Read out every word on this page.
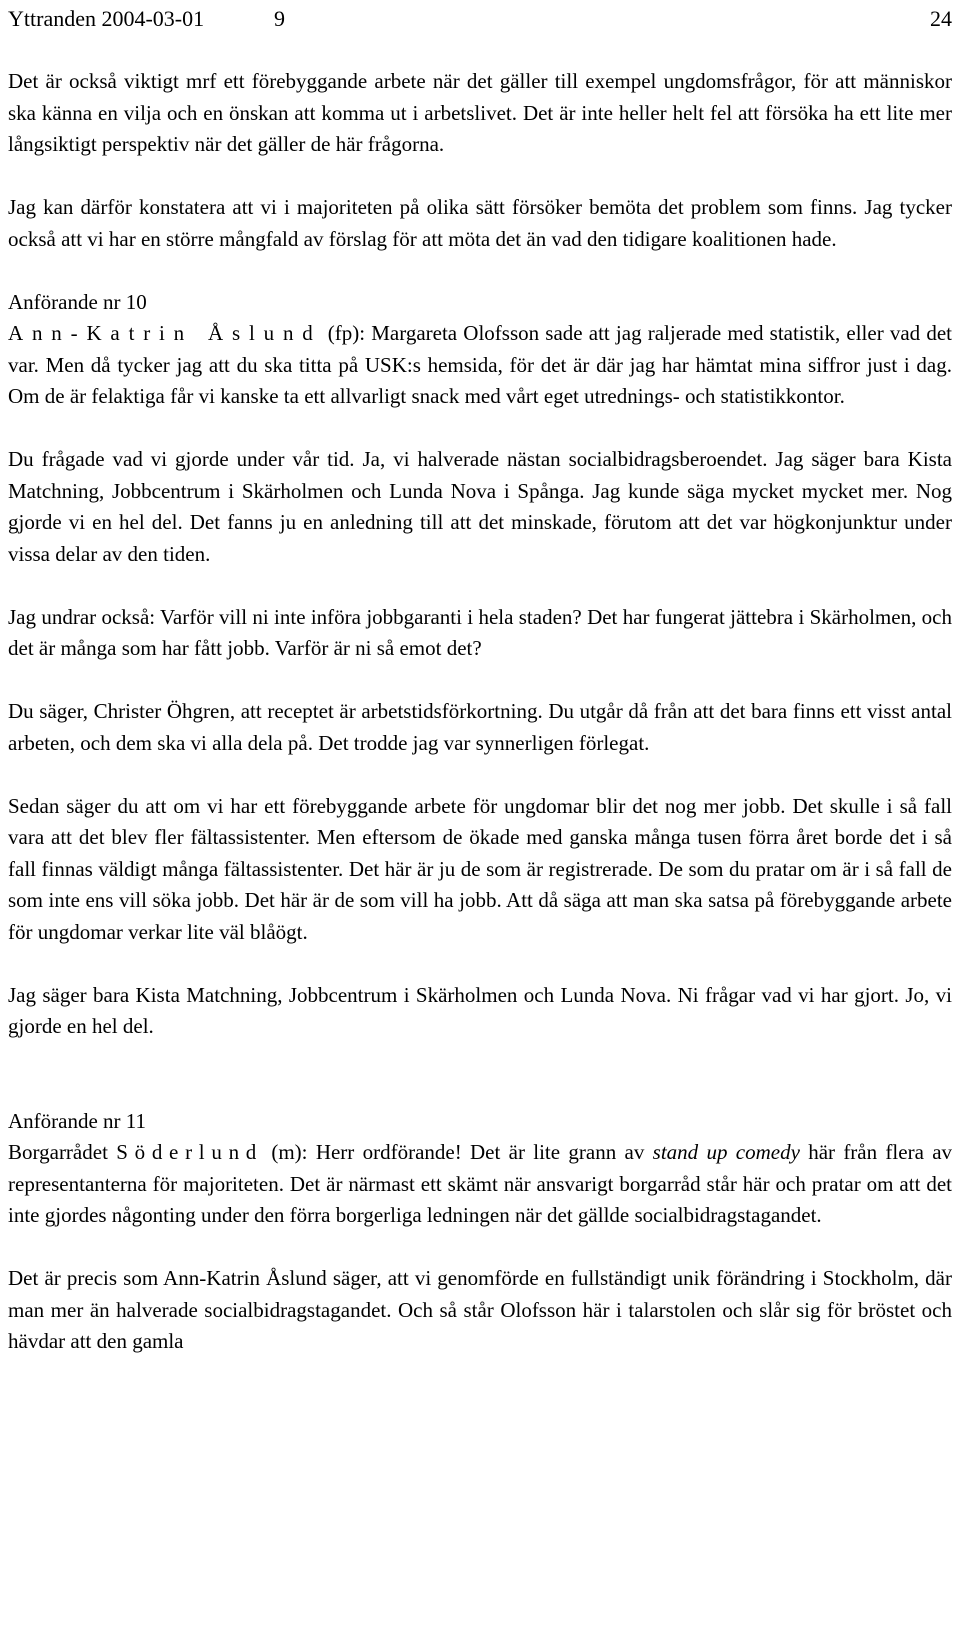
Yttranden 2004-03-01	9	24

Det är också viktigt mrf ett förebyggande arbete när det gäller till exempel ungdomsfrågor, för att människor ska känna en vilja och en önskan att komma ut i arbetslivet. Det är inte heller helt fel att försöka ha ett lite mer långsiktigt perspektiv när det gäller de här frågorna.

Jag kan därför konstatera att vi i majoriteten på olika sätt försöker bemöta det problem som finns. Jag tycker också att vi har en större mångfald av förslag för att möta det än vad den tidigare koalitionen hade.

Anförande nr 10

Ann-Katrin Åslund (fp): Margareta Olofsson sade att jag raljerade med statistik, eller vad det var. Men då tycker jag att du ska titta på USK:s hemsida, för det är där jag har hämtat mina siffror just i dag. Om de är felaktiga får vi kanske ta ett allvarligt snack med vårt eget utrednings- och statistikkontor.

Du frågade vad vi gjorde under vår tid. Ja, vi halverade nästan socialbidragsberoendet. Jag säger bara Kista Matchning, Jobbcentrum i Skärholmen och Lunda Nova i Spånga. Jag kunde säga mycket mycket mer. Nog gjorde vi en hel del. Det fanns ju en anledning till att det minskade, förutom att det var högkonjunktur under vissa delar av den tiden.

Jag undrar också: Varför vill ni inte införa jobbgaranti i hela staden? Det har fungerat jättebra i Skärholmen, och det är många som har fått jobb. Varför är ni så emot det?

Du säger, Christer Öhgren, att receptet är arbetstidsförkortning. Du utgår då från att det bara finns ett visst antal arbeten, och dem ska vi alla dela på. Det trodde jag var synnerligen förlegat.

Sedan säger du att om vi har ett förebyggande arbete för ungdomar blir det nog mer jobb. Det skulle i så fall vara att det blev fler fältassistenter. Men eftersom de ökade med ganska många tusen förra året borde det i så fall finnas väldigt många fältassistenter. Det här är ju de som är registrerade. De som du pratar om är i så fall de som inte ens vill söka jobb. Det här är de som vill ha jobb. Att då säga att man ska satsa på förebyggande arbete för ungdomar verkar lite väl blåögt.

Jag säger bara Kista Matchning, Jobbcentrum i Skärholmen och Lunda Nova. Ni frågar vad vi har gjort. Jo, vi gjorde en hel del.

Anförande nr 11

Borgarrådet Söderlund (m): Herr ordförande! Det är lite grann av stand up comedy här från flera av representanterna för majoriteten. Det är närmast ett skämt när ansvarigt borgarråd står här och pratar om att det inte gjordes någonting under den förra borgerliga ledningen när det gällde socialbidragstagandet.

Det är precis som Ann-Katrin Åslund säger, att vi genomförde en fullständigt unik förändring i Stockholm, där man mer än halverade socialbidragstagandet. Och så står Olofsson här i talarstolen och slår sig för bröstet och hävdar att den gamla
